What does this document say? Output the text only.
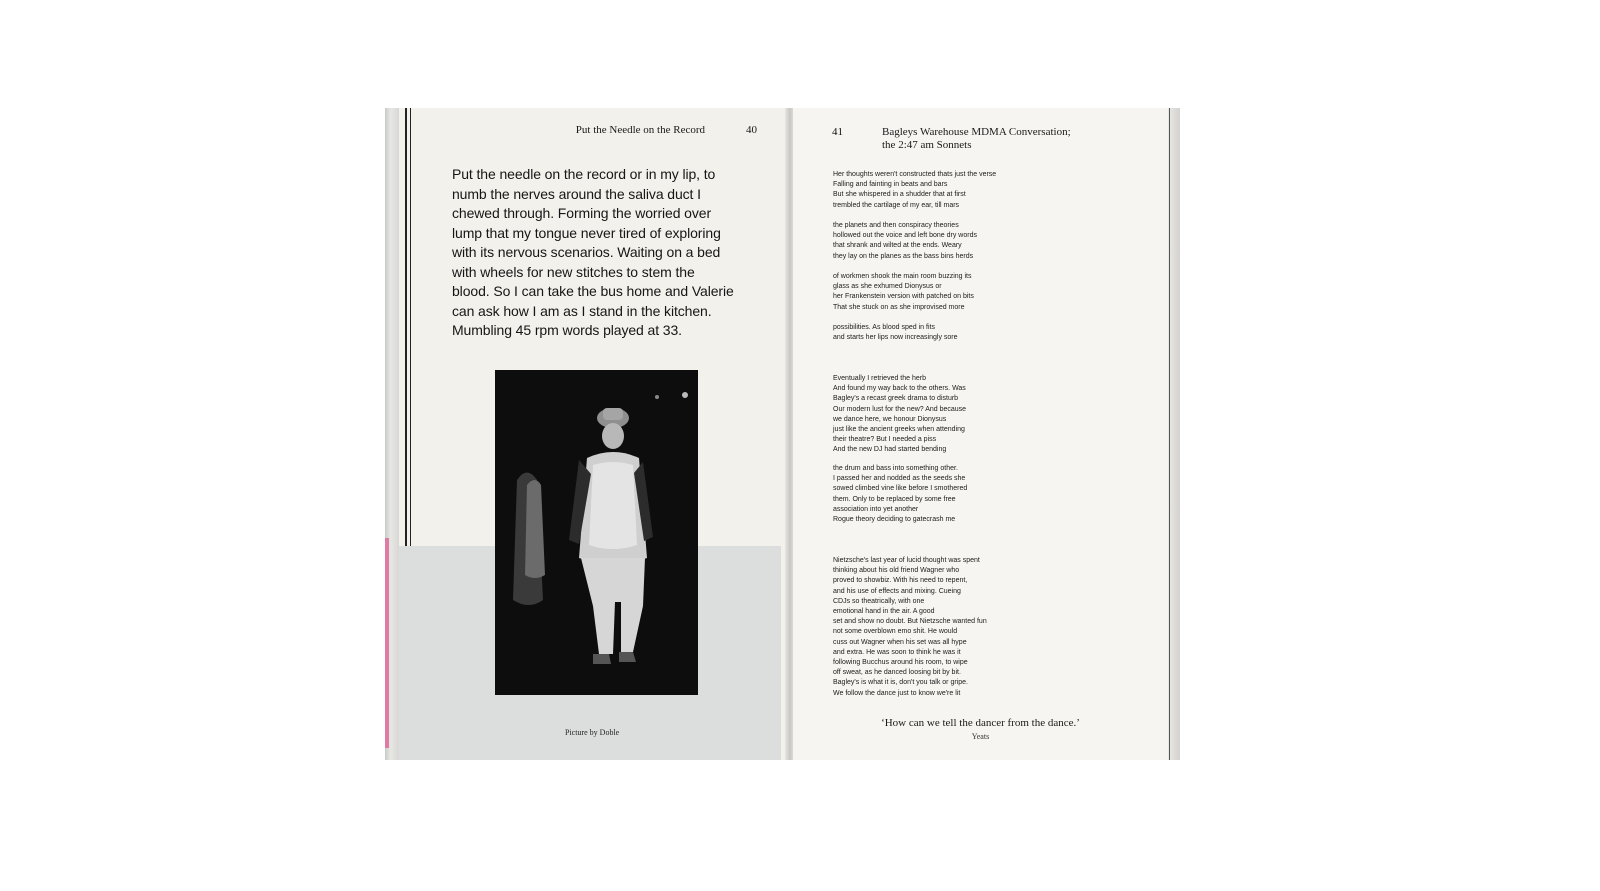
Put the Needle on the Record	40
Put the needle on the record or in my lip, to
numb the nerves around the saliva duct I
chewed through. Forming the worried over
lump that my tongue never tired of exploring
with its nervous scenarios. Waiting on a bed
with wheels for new stitches to stem the
blood. So I can take the bus home and Valerie
can ask how I am as I stand in the kitchen.
Mumbling 45 rpm words played at 33.
Picture by Doble
41	Bagleys Warehouse MDMA Conversation;
the 2:47 am Sonnets
Her thoughts weren't constructed thats just the verse
Falling and fainting in beats and bars
But she whispered in a shudder that at first
trembled the cartilage of my ear, till mars
the planets and then conspiracy theories
hollowed out the voice and left bone dry words
that shrank and wilted at the ends. Weary
they lay on the planes as the bass bins herds
of workmen shook the main room buzzing its
glass as she exhumed Dionysus or
her Frankenstein version with patched on bits
That she stuck on as she improvised more
possibilities. As blood sped in fits
and starts her lips now increasingly sore
Eventually I retrieved the herb
And found my way back to the others. Was
Bagley's a recast greek drama to disturb
Our modern lust for the new? And because
we dance here, we honour Dionysus
just like the ancient greeks when attending
their theatre? But I needed a piss
And the new DJ had started bending
the drum and bass into something other.
I passed her and nodded as the seeds she
sowed climbed vine like before I smothered
them. Only to be replaced by some free
association into yet another
Rogue theory deciding to gatecrash me
Nietzsche's last year of lucid thought was spent
thinking about his old friend Wagner who
proved to showbiz. With his need to repent,
and his use of effects and mixing. Cueing
CDJs so theatrically, with one
emotional hand in the air. A good
set and show no doubt. But Nietzsche wanted fun
not some overblown emo shit. He would
cuss out Wagner when his set was all hype
and extra. He was soon to think he was it
following Bucchus around his room, to wipe
off sweat, as he danced loosing bit by bit.
Bagley's is what it is, don't you talk or gripe.
We follow the dance just to know we're lit
‘How can we tell the dancer from the dance.’
Yeats
